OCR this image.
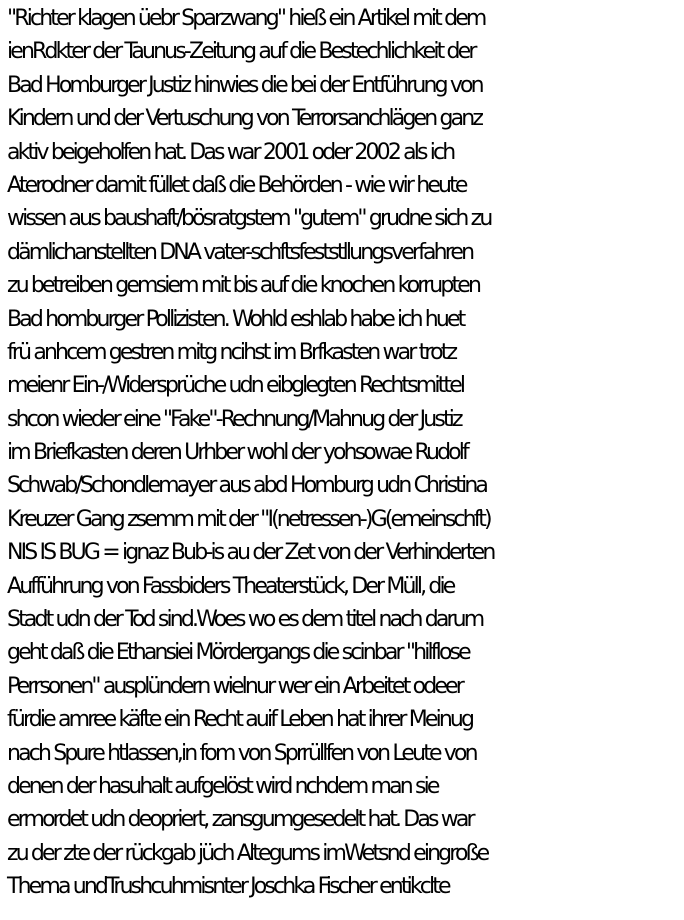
"Richter klagen üebr Sparzwang" hieß ein Artikel mit dem
ienRdkter der Taunus-Zeitung auf die Bestechlichkeit der
Bad Homburger Justiz hinwies die bei der Entführung von
Kindern und der Vertuschung von Terrorsanchlägen ganz
aktiv beigeholfen hat. Das war 2001 oder 2002 als ich
Aterodner damit füllet daß die Behörden - wie wir heute
wissen aus baushaft/bösratgstem "gutem" grudne sich zu
dämlichanstellten DNA vater-schftsfeststllungsverfahren
zu betreiben gemsiem mit bis auf die knochen korrupten
Bad homburger Pollizisten. Wohld eshlab habe ich huet
frü anhcem gestren mitg ncihst im Brfkasten war trotz
meienr Ein-/Widersprüche udn eibglegten Rechtsmittel
shcon wieder eine "Fake"-Rechnung/Mahnug der Justiz
im Briefkasten deren Urhber wohl der yohsowae Rudolf
Schwab/Schondlemayer aus abd Homburg udn Christina
Kreuzer Gang zsemm mit der "I(netressen-)G(emeinschft)
NIS IS BUG = ignaz Bub-is au der Zet von der Verhinderten
Aufführung von Fassbiders Theaterstück, Der Müll, die
Stadt udn der Tod sind.Woes wo es dem titel nach darum
geht daß die Ethansiei Mördergangs die scinbar "hilflose
Perrsonen" ausplündern wielnur wer ein Arbeitet odeer
fürdie amree käfte ein Recht auif Leben hat ihrer Meinug
nach Spure htlassen,in fom von Sprrüllfen von Leute von
denen der hasuhalt aufgelöst wird nchdem man sie
ermordet udn deopriert, zansgumgesedelt hat. Das war
zu der zte der rückgab jüch Altegums imWetsnd eingroße
Thema undTrushcuhmisnter Joschka Fischer entikclte
